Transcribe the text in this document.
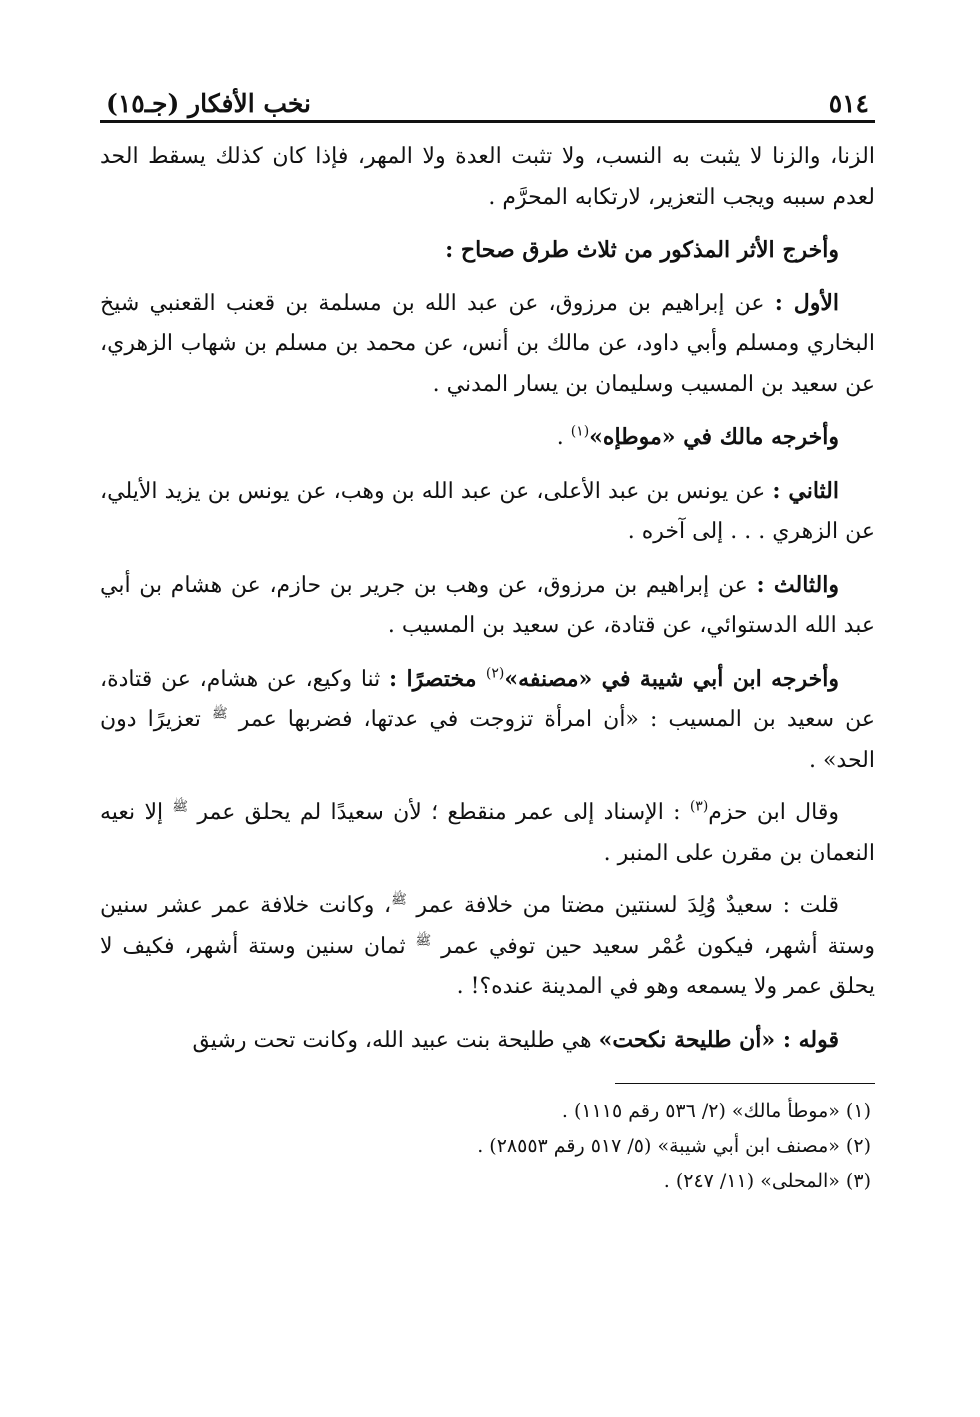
٥١٤
نخب الأفكار (جـ١٥)

الزنا، والزنا لا يثبت به النسب، ولا تثبت العدة ولا المهر، فإذا كان كذلك يسقط الحد لعدم سببه ويجب التعزير، لارتكابه المحرَّم .

وأخرج الأثر المذكور من ثلاث طرق صحاح :

الأول : عن إبراهيم بن مرزوق، عن عبد الله بن مسلمة بن قعنب القعنبي شيخ البخاري ومسلم وأبي داود، عن مالك بن أنس، عن محمد بن مسلم بن شهاب الزهري، عن سعيد بن المسيب وسليمان بن يسار المدني .

وأخرجه مالك في «موطإه»$^{(١)}$ .

الثاني : عن يونس بن عبد الأعلى، عن عبد الله بن وهب، عن يونس بن يزيد الأيلي، عن الزهري . . . إلى آخره .

والثالث : عن إبراهيم بن مرزوق، عن وهب بن جرير بن حازم، عن هشام بن أبي عبد الله الدستوائي، عن قتادة، عن سعيد بن المسيب .

وأخرجه ابن أبي شيبة في «مصنفه»$^{(٢)}$ مختصرًا : ثنا وكيع، عن هشام، عن قتادة، عن سعيد بن المسيب : «أن امرأة تزوجت في عدتها، فضربها عمر $^ﷺ$ تعزيرًا دون الحد» .

وقال ابن حزم$^{(٣)}$ : الإسناد إلى عمر منقطع ؛ لأن سعيدًا لم يحلق عمر $^ﷺ$ إلا نعيه النعمان بن مقرن على المنبر .

قلت : سعيدٌ وُلِدَ لسنتين مضتا من خلافة عمر $^ﷺ$، وكانت خلافة عمر عشر سنين وستة أشهر، فيكون عُمْر سعيد حين توفي عمر $^ﷺ$ ثمان سنين وستة أشهر، فكيف لا يحلق عمر ولا يسمعه وهو في المدينة عنده؟! .

قوله : «أن طليحة نكحت» هي طليحة بنت عبيد الله، وكانت تحت رشيق

(١) «موطأ مالك» (٢/ ٥٣٦ رقم ١١١٥) .
(٢) «مصنف ابن أبي شيبة» (٥/ ٥١٧ رقم ٢٨٥٥٣) .
(٣) «المحلى» (١١/ ٢٤٧) .
